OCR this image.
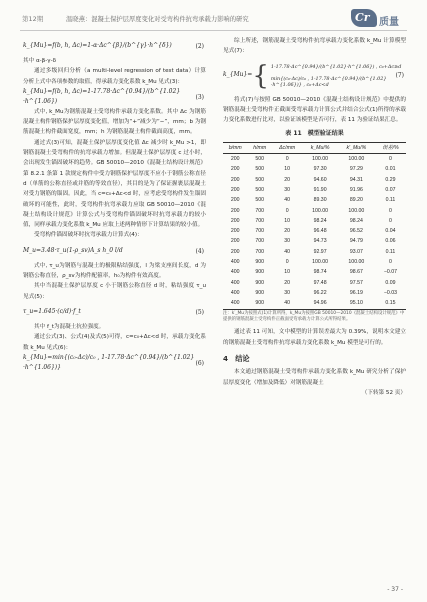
第12期	温晓燕：混凝土保护层厚度变化对受弯构件抗弯承载力影响的研究	Cr 质量
k_{Mu}=f(b, h, Δc)=1-α·Δc^{β}/(b^{γ}·h^{δ})	(2)

其中 α-β-γ-δ

通过多级回归分析（a multi-level regression of test data）计算分析上式中各项参数的取值，得承载力变化系数 k_Mu 见式(3)：

k_{Mu}=f(b, h, Δc)=1-17.78·Δc^{0.94}/(b^{1.02}·h^{1.06})
(3)

式中, k_Mu为钢筋混凝土受弯构件承载力变化系数。其中 Δc 为钢筋混凝土构件钢筋保护层厚度变化值，增加为“+”减少为“−”，mm；b 为钢筋混凝土构件截面宽度，mm；h 为钢筋混凝土构件截面高度，mm。

通过式(3)可知，混凝土保护层厚度变化值 Δc 减少时 k_Mu >1，即钢筋混凝土受弯构件的抗弯承载力增加。但混凝土保护层厚度 c 过小时，会出现发生锚固破坏的趋势。GB 50010—2010《混凝土结构设计规范》第 8.2.1 条第 1 款规定构件中受力钢筋保护层厚度不应小于钢筋公称直径 d（单筋的公称直径或并筋的等效直径），其目的是为了保证握裹层混凝土对受力钢筋的锚固。因此，当 c=c₀+Δc<d 时，应考虑受弯构件发生锚固破坏的可能性，此时，受弯构件抗弯承载力应取 GB 50010—2010《混凝土结构设计规范》计算公式与受弯构件锚固破坏时抗弯承载力的较小值，同样承载力变化系数 k_Mu 应取上述两种情形下计算结果的较小值。

受弯构件锚固破坏时抗弯承载力计算式(4)：

M_u=3.48·τ_u(1-ρ_sv)A_s h_0 l/d	(4)

式中, τ_u为钢筋与混凝土的极限粘结强度，l 为梁支座间长度，d 为钢筋公称直径，ρ_sv为构件配箍率，h₀为构件有效高度。

其中当混凝土保护层厚度 c 小于钢筋公称直径 d 时，粘结强度 τ_u 见式(5)：

τ_u=1.645·(c/d)·f_t	(5)

其中 f_t为混凝土抗拉强度。

通过公式(3)、公式(4)及式(5)可得，c=c₀+Δc<d 时，承载力变化系数 k_Mu 见式(6)：

k_{Mu}=min{(c₀-Δc)/c₀ , 1-17.78·Δc^{0.94}/(b^{1.02}·h^{1.06})}
(6)

综上所述，钢筋混凝土受弯构件抗弯承载力变化系数 k_Mu 计算模型见式(7)：

k_{Mu}= { 1-17.78·Δc^{0.94}/(b^{1.02}·h^{1.06}) , c₀+Δc≥d
min{(c₀-Δc)/c₀ , 1-17.78·Δc^{0.94}/(b^{1.02}·h^{1.06})} , c₀+Δc<d
(7)

将式(7)与按照 GB 50010—2010《混凝土结构设计规范》中提供的钢筋混凝土受弯构件正截面受弯承载力计算公式并结合公式(1)所得的承载力变化系数进行比对，以验证该模型是否可行，表 11 为验证结果汇总。

表 11　模型验证结果
b/mm	h/mm	Δc/mm	k_Mu/%	k′_Mu/%	误差/%
200	500	0	100.00	100.00	0
200	500	10	97.30	97.29	0.01
200	500	20	94.60	94.31	0.29
200	500	30	91.90	91.96	0.07
200	500	40	89.30	89.20	0.11
200	700	0	100.00	100.00	0
200	700	10	98.24	98.24	0
200	700	20	96.48	96.52	0.04
200	700	30	94.73	94.79	0.06
200	700	40	92.97	93.07	0.11
400	900	0	100.00	100.00	0
400	900	10	98.74	98.67	−0.07
400	900	20	97.48	97.57	0.09
400	900	30	96.22	96.19	−0.03
400	900	40	94.96	95.10	0.15
注：k′_Mu为按照式(1)计算所得，k_Mu为按照GB 50010—2010《混凝土结构设计规范》中提供的钢筋混凝土受弯构件正截面受弯承载力计算公式所得结果。

通过表 11 可知，文中模型的计算误差最大为 0.39%，说明本文建立的钢筋混凝土受弯构件抗弯承载力变化系数 k_Mu 模型是可行的。

4　结论

本文通过钢筋混凝土受弯构件承载力变化系数 k_Mu 研究分析了保护层厚度变化（增加及降低）对钢筋混凝土

（下转第 52 页）
- 37 -
